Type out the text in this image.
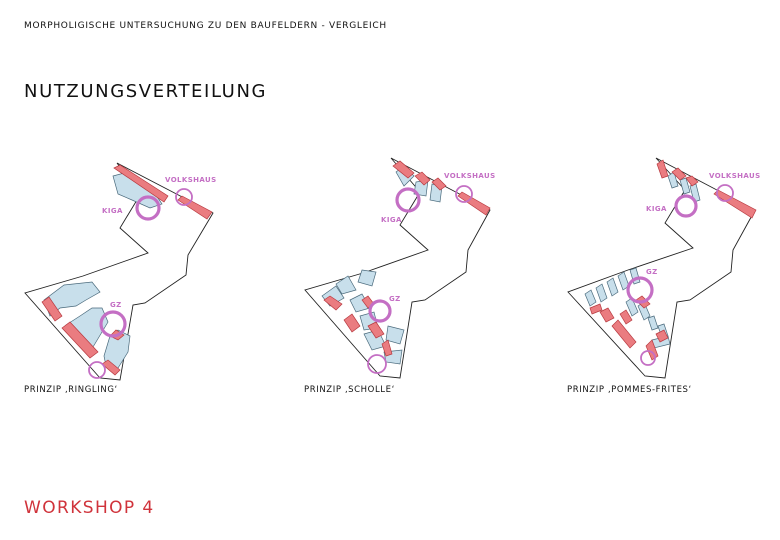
MORPHOLIGISCHE UNTERSUCHUNG ZU DEN BAUFELDERN - VERGLEICH
NUTZUNGSVERTEILUNG
VOLKSHAUS
KIGA
GZ
VOLKSHAUS
KIGA
GZ
VOLKSHAUS
KIGA
GZ
PRINZIP ‚RINGLING‘	PRINZIP ‚SCHOLLE‘	PRINZIP ‚POMMES-FRITES‘
WORKSHOP 4
